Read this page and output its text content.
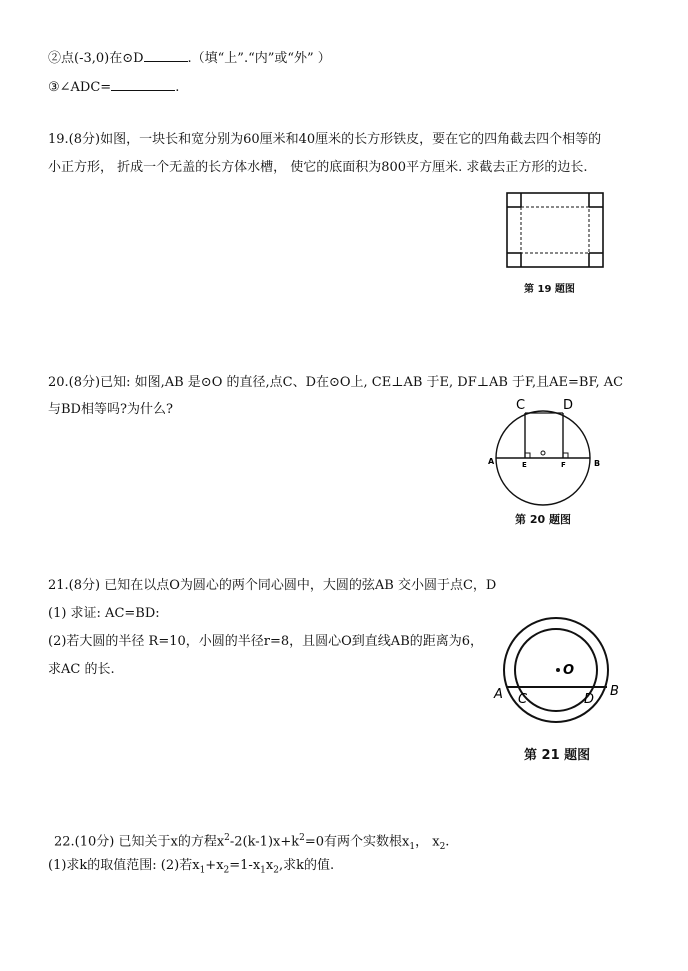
②点(-3,0)在⊙D	.（填“上”.“内”或“外” ）
③∠ADC=	.
19.(8分)如图，一块长和宽分别为60厘米和40厘米的长方形铁皮，要在它的四角截去四个相等的
小正方形， 折成一个无盖的长方体水槽， 使它的底面积为800平方厘米. 求截去正方形的边长.
第 19 题图
20.(8分)已知: 如图,AB 是⊙O 的直径,点C、D在⊙O上, CE⊥AB 于E, DF⊥AB 于F,且AE=BF, AC
与BD相等吗?为什么?	C	D
A	B
E	F
第 20 题图
21.(8分) 已知在以点O为圆心的两个同心圆中，大圆的弦AB 交小圆于点C，D
(1) 求证: AC=BD:
(2)若大圆的半径 R=10，小圆的半径r=8，且圆心O到直线AB的距离为6，
求AC 的长.	O
A	B
C	D
第 21 题图
22.(10分) 已知关于x的方程$x^2-2(k-1)x+k^2=0$有两个实数根$x_1$， $x_2$.
(1)求k的取值范围: (2)若$x_1+x_2=1-x_1x_2$,求k的值.
